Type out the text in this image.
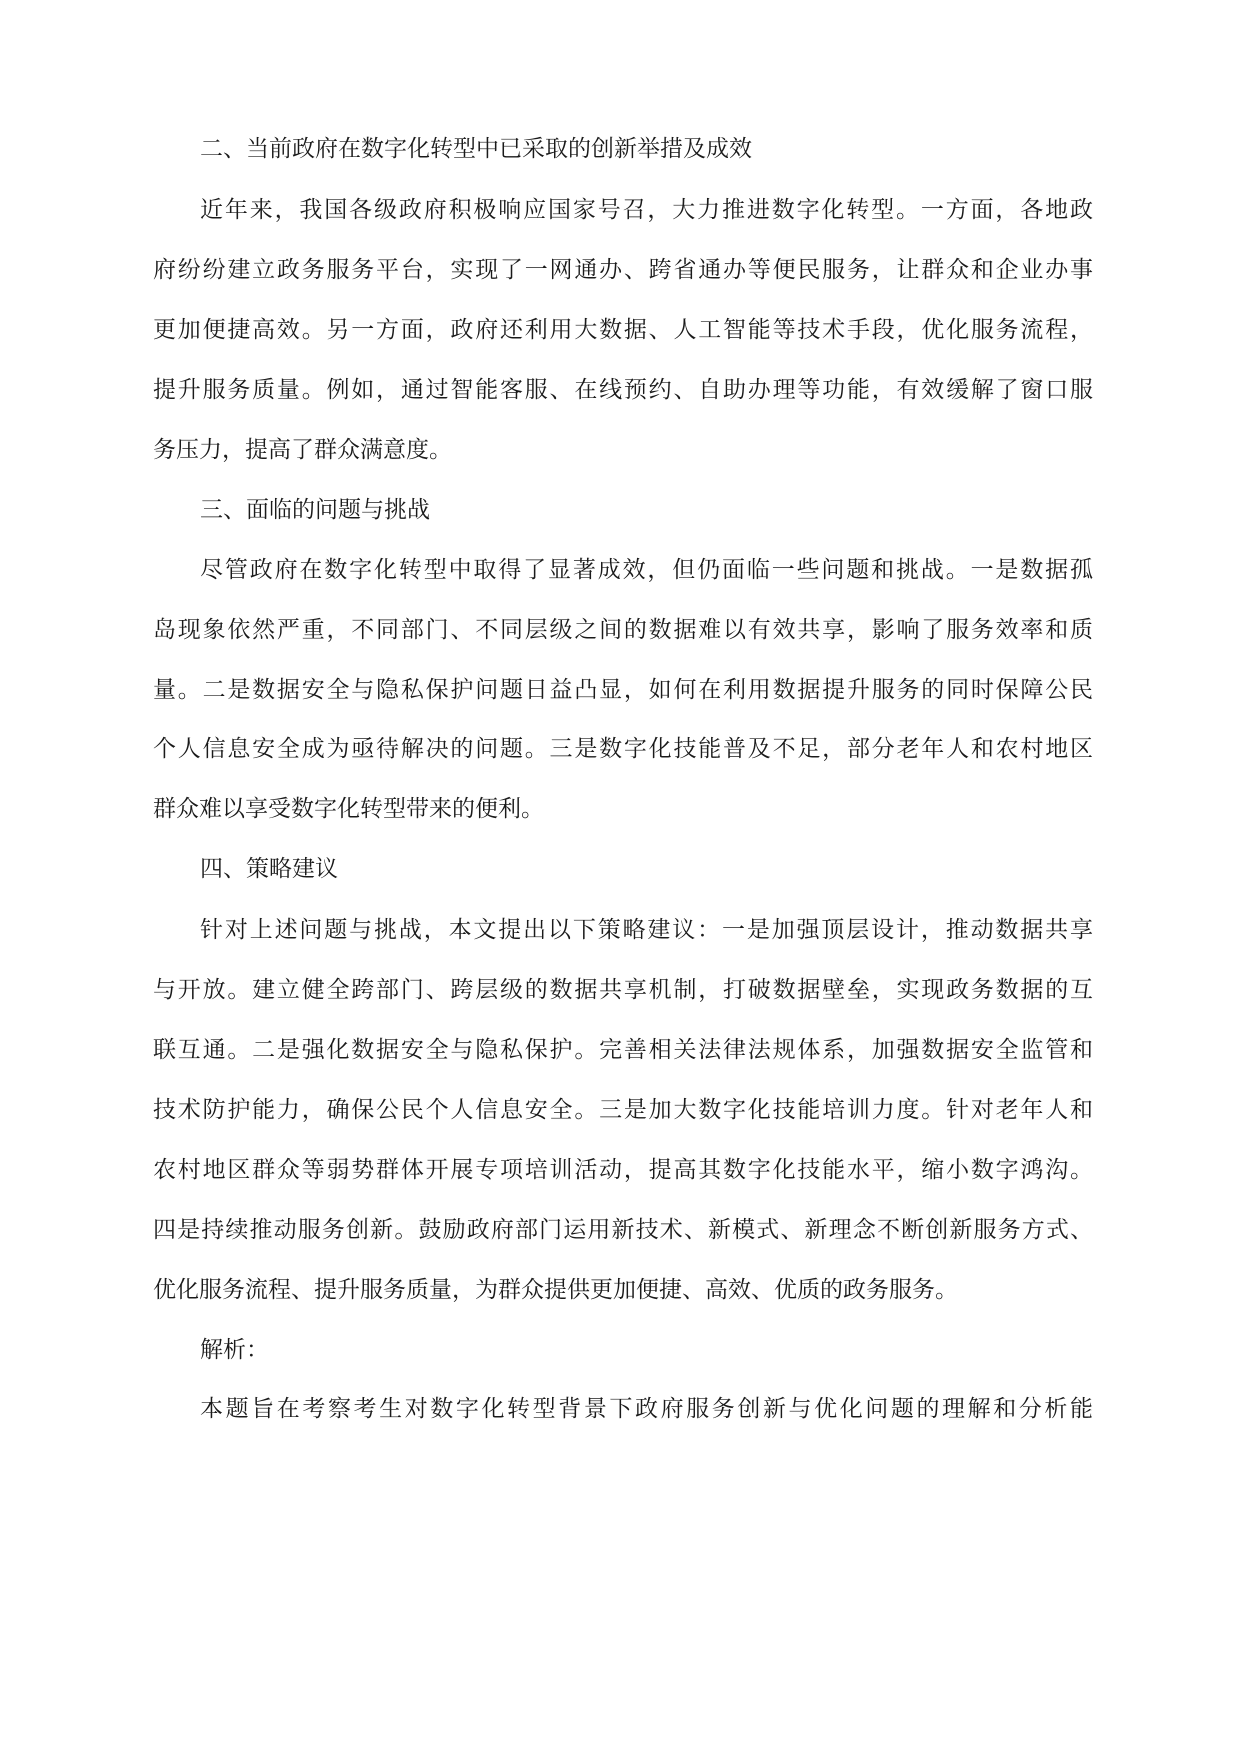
二、当前政府在数字化转型中已采取的创新举措及成效
近年来，我国各级政府积极响应国家号召，大力推进数字化转型。一方面，各地政
府纷纷建立政务服务平台，实现了一网通办、跨省通办等便民服务，让群众和企业办事
更加便捷高效。另一方面，政府还利用大数据、人工智能等技术手段，优化服务流程，
提升服务质量。例如，通过智能客服、在线预约、自助办理等功能，有效缓解了窗口服
务压力，提高了群众满意度。
三、面临的问题与挑战
尽管政府在数字化转型中取得了显著成效，但仍面临一些问题和挑战。一是数据孤
岛现象依然严重，不同部门、不同层级之间的数据难以有效共享，影响了服务效率和质
量。二是数据安全与隐私保护问题日益凸显，如何在利用数据提升服务的同时保障公民
个人信息安全成为亟待解决的问题。三是数字化技能普及不足，部分老年人和农村地区
群众难以享受数字化转型带来的便利。
四、策略建议
针对上述问题与挑战，本文提出以下策略建议：一是加强顶层设计，推动数据共享
与开放。建立健全跨部门、跨层级的数据共享机制，打破数据壁垒，实现政务数据的互
联互通。二是强化数据安全与隐私保护。完善相关法律法规体系，加强数据安全监管和
技术防护能力，确保公民个人信息安全。三是加大数字化技能培训力度。针对老年人和
农村地区群众等弱势群体开展专项培训活动，提高其数字化技能水平，缩小数字鸿沟。
四是持续推动服务创新。鼓励政府部门运用新技术、新模式、新理念不断创新服务方式、
优化服务流程、提升服务质量，为群众提供更加便捷、高效、优质的政务服务。
解析：
本题旨在考察考生对数字化转型背景下政府服务创新与优化问题的理解和分析能
